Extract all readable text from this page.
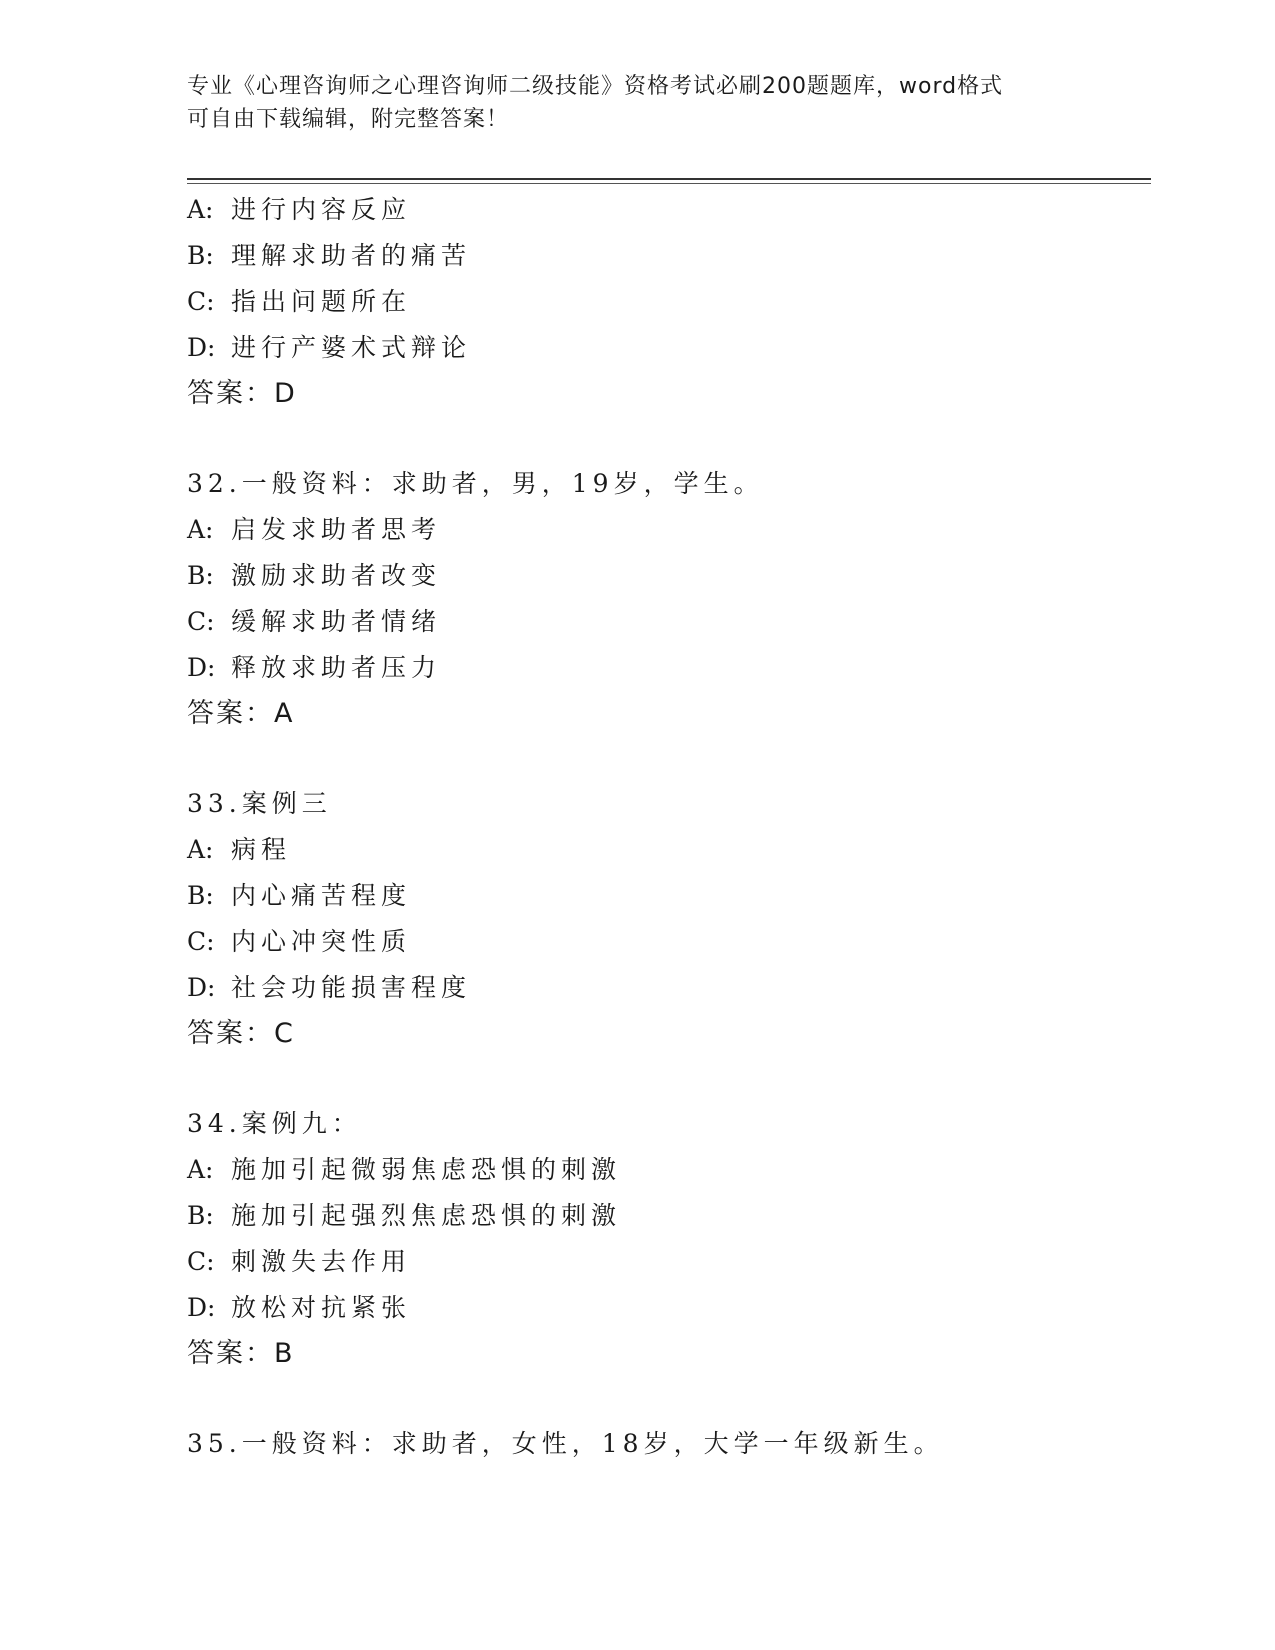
专业《心理咨询师之心理咨询师二级技能》资格考试必刷200题题库，word格式
可自由下载编辑，附完整答案！
A: 进行内容反应
B: 理解求助者的痛苦
C: 指出问题所在
D: 进行产婆术式辩论
答案：D
32.一般资料：求助者，男，19岁，学生。
A: 启发求助者思考
B: 激励求助者改变
C: 缓解求助者情绪
D: 释放求助者压力
答案：A
33.案例三
A: 病程
B: 内心痛苦程度
C: 内心冲突性质
D: 社会功能损害程度
答案：C
34.案例九：
A: 施加引起微弱焦虑恐惧的刺激
B: 施加引起强烈焦虑恐惧的刺激
C: 刺激失去作用
D: 放松对抗紧张
答案：B
35.一般资料：求助者，女性，18岁，大学一年级新生。
